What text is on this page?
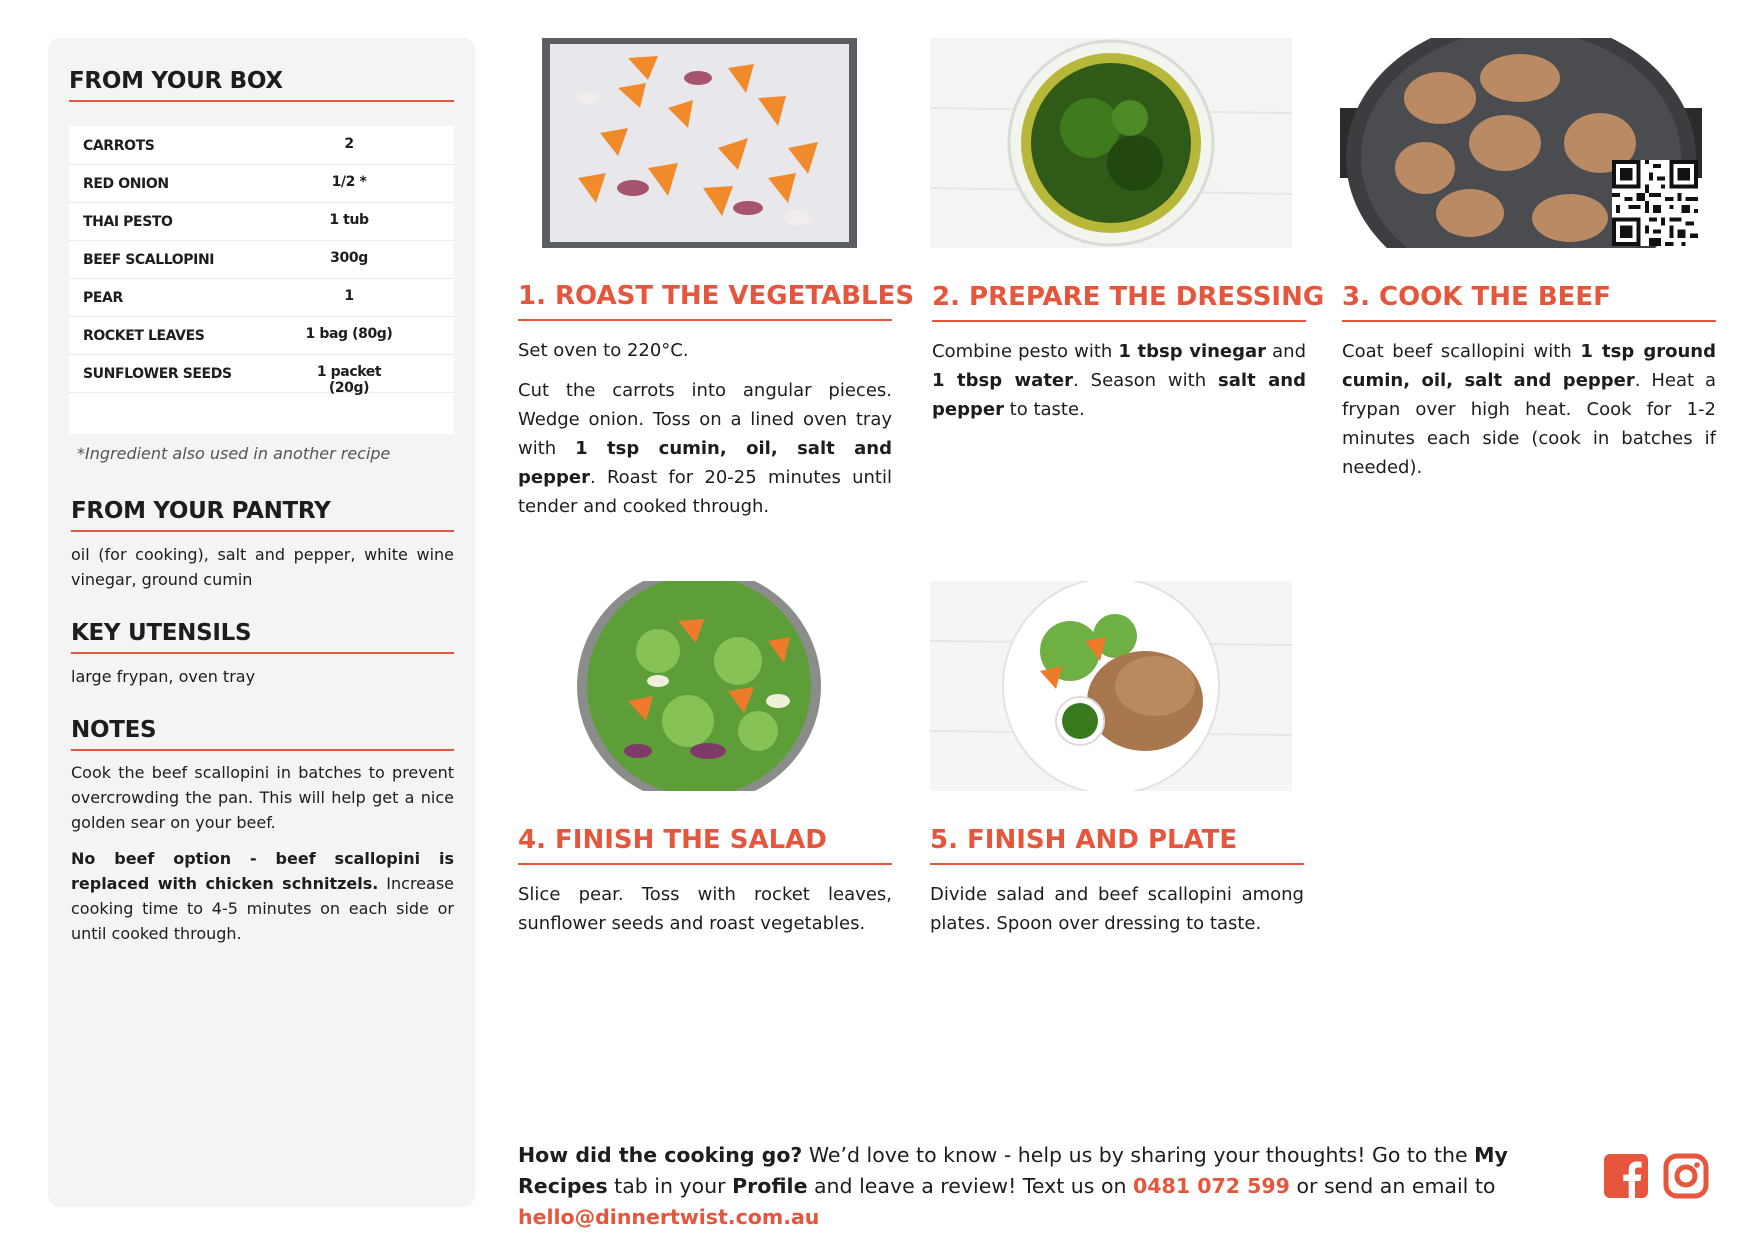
FROM YOUR BOX
CARROTS	2
RED ONION	1/2 *
THAI PESTO	1 tub
BEEF SCALLOPINI	300g
PEAR	1
ROCKET LEAVES	1 bag (80g)
SUNFLOWER SEEDS	1 packet (20g)
*Ingredient also used in another recipe
FROM YOUR PANTRY

oil (for cooking), salt and pepper, white wine vinegar, ground cumin

KEY UTENSILS

large frypan, oven tray

NOTES

Cook the beef scallopini in batches to prevent overcrowding the pan. This will help get a nice golden sear on your beef.

No beef option - beef scallopini is replaced with chicken schnitzels. Increase cooking time to 4-5 minutes on each side or until cooked through.

1. ROAST THE VEGETABLES

Set oven to 220°C.

Cut the carrots into angular pieces. Wedge onion. Toss on a lined oven tray with 1 tsp cumin, oil, salt and pepper. Roast for 20-25 minutes until tender and cooked through.

2. PREPARE THE DRESSING

Combine pesto with 1 tbsp vinegar and 1 tbsp water. Season with salt and pepper to taste.

3. COOK THE BEEF

Coat beef scallopini with 1 tsp ground cumin, oil, salt and pepper. Heat a frypan over high heat. Cook for 1-2 minutes each side (cook in batches if needed).

4. FINISH THE SALAD

Slice pear. Toss with rocket leaves, sunflower seeds and roast vegetables.

5. FINISH AND PLATE

Divide salad and beef scallopini among plates. Spoon over dressing to taste.

How did the cooking go? We’d love to know - help us by sharing your thoughts! Go to the My Recipes tab in your Profile and leave a review! Text us on 0481 072 599 or send an email to hello@dinnertwist.com.au
